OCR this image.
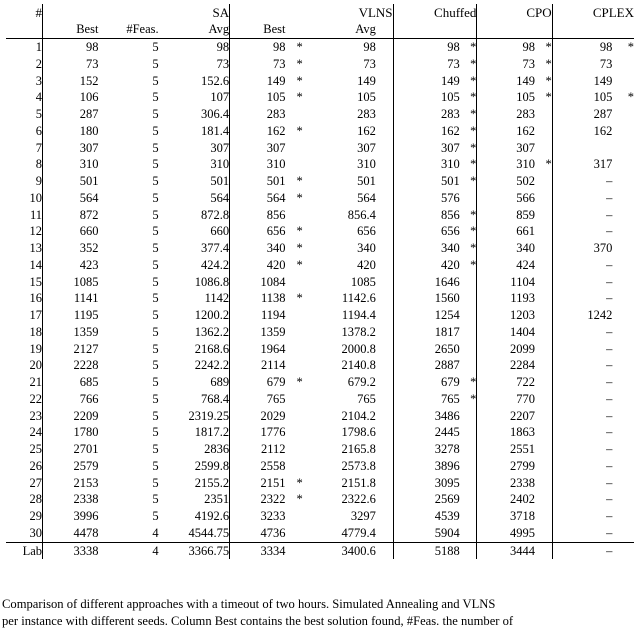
#	SA			VLNS				Chuffed		CPO		CPLEX	
	Best	#Feas.	Avg	Best		Avg							
1	98	5	98	98	*	98		98	*	98	*	98	*
2	73	5	73	73	*	73		73	*	73	*	73	
3	152	5	152.6	149	*	149		149	*	149	*	149	
4	106	5	107	105	*	105		105	*	105	*	105	*
5	287	5	306.4	283		283		283	*	283		287	
6	180	5	181.4	162	*	162		162	*	162		162	
7	307	5	307	307		307		307	*	307			
8	310	5	310	310		310		310	*	310	*	317	
9	501	5	501	501	*	501		501	*	502		–	
10	564	5	564	564	*	564		576		566		–	
11	872	5	872.8	856		856.4		856	*	859		–	
12	660	5	660	656	*	656		656	*	661		–	
13	352	5	377.4	340	*	340		340	*	340		370	
14	423	5	424.2	420	*	420		420	*	424		–	
15	1085	5	1086.8	1084		1085		1646		1104		–	
16	1141	5	1142	1138	*	1142.6		1560		1193		–	
17	1195	5	1200.2	1194		1194.4		1254		1203		1242	
18	1359	5	1362.2	1359		1378.2		1817		1404		–	
19	2127	5	2168.6	1964		2000.8		2650		2099		–	
20	2228	5	2242.2	2114		2140.8		2887		2284		–	
21	685	5	689	679	*	679.2		679	*	722		–	
22	766	5	768.4	765		765		765	*	770		–	
23	2209	5	2319.25	2029		2104.2		3486		2207		–	
24	1780	5	1817.2	1776		1798.6		2445		1863		–	
25	2701	5	2836	2112		2165.8		3278		2551		–	
26	2579	5	2599.8	2558		2573.8		3896		2799		–	
27	2153	5	2155.2	2151	*	2151.8		3095		2338		–	
28	2338	5	2351	2322	*	2322.6		2569		2402		–	
29	3996	5	4192.6	3233		3297		4539		3718		–	
30	4478	4	4544.75	4736		4779.4		5904		4995		–	
Lab	3338	4	3366.75	3334		3400.6		5188		3444		–	
Comparison of different approaches with a timeout of two hours. Simulated Annealing and VLNS
per instance with different seeds. Column Best contains the best solution found, #Feas. the number of
